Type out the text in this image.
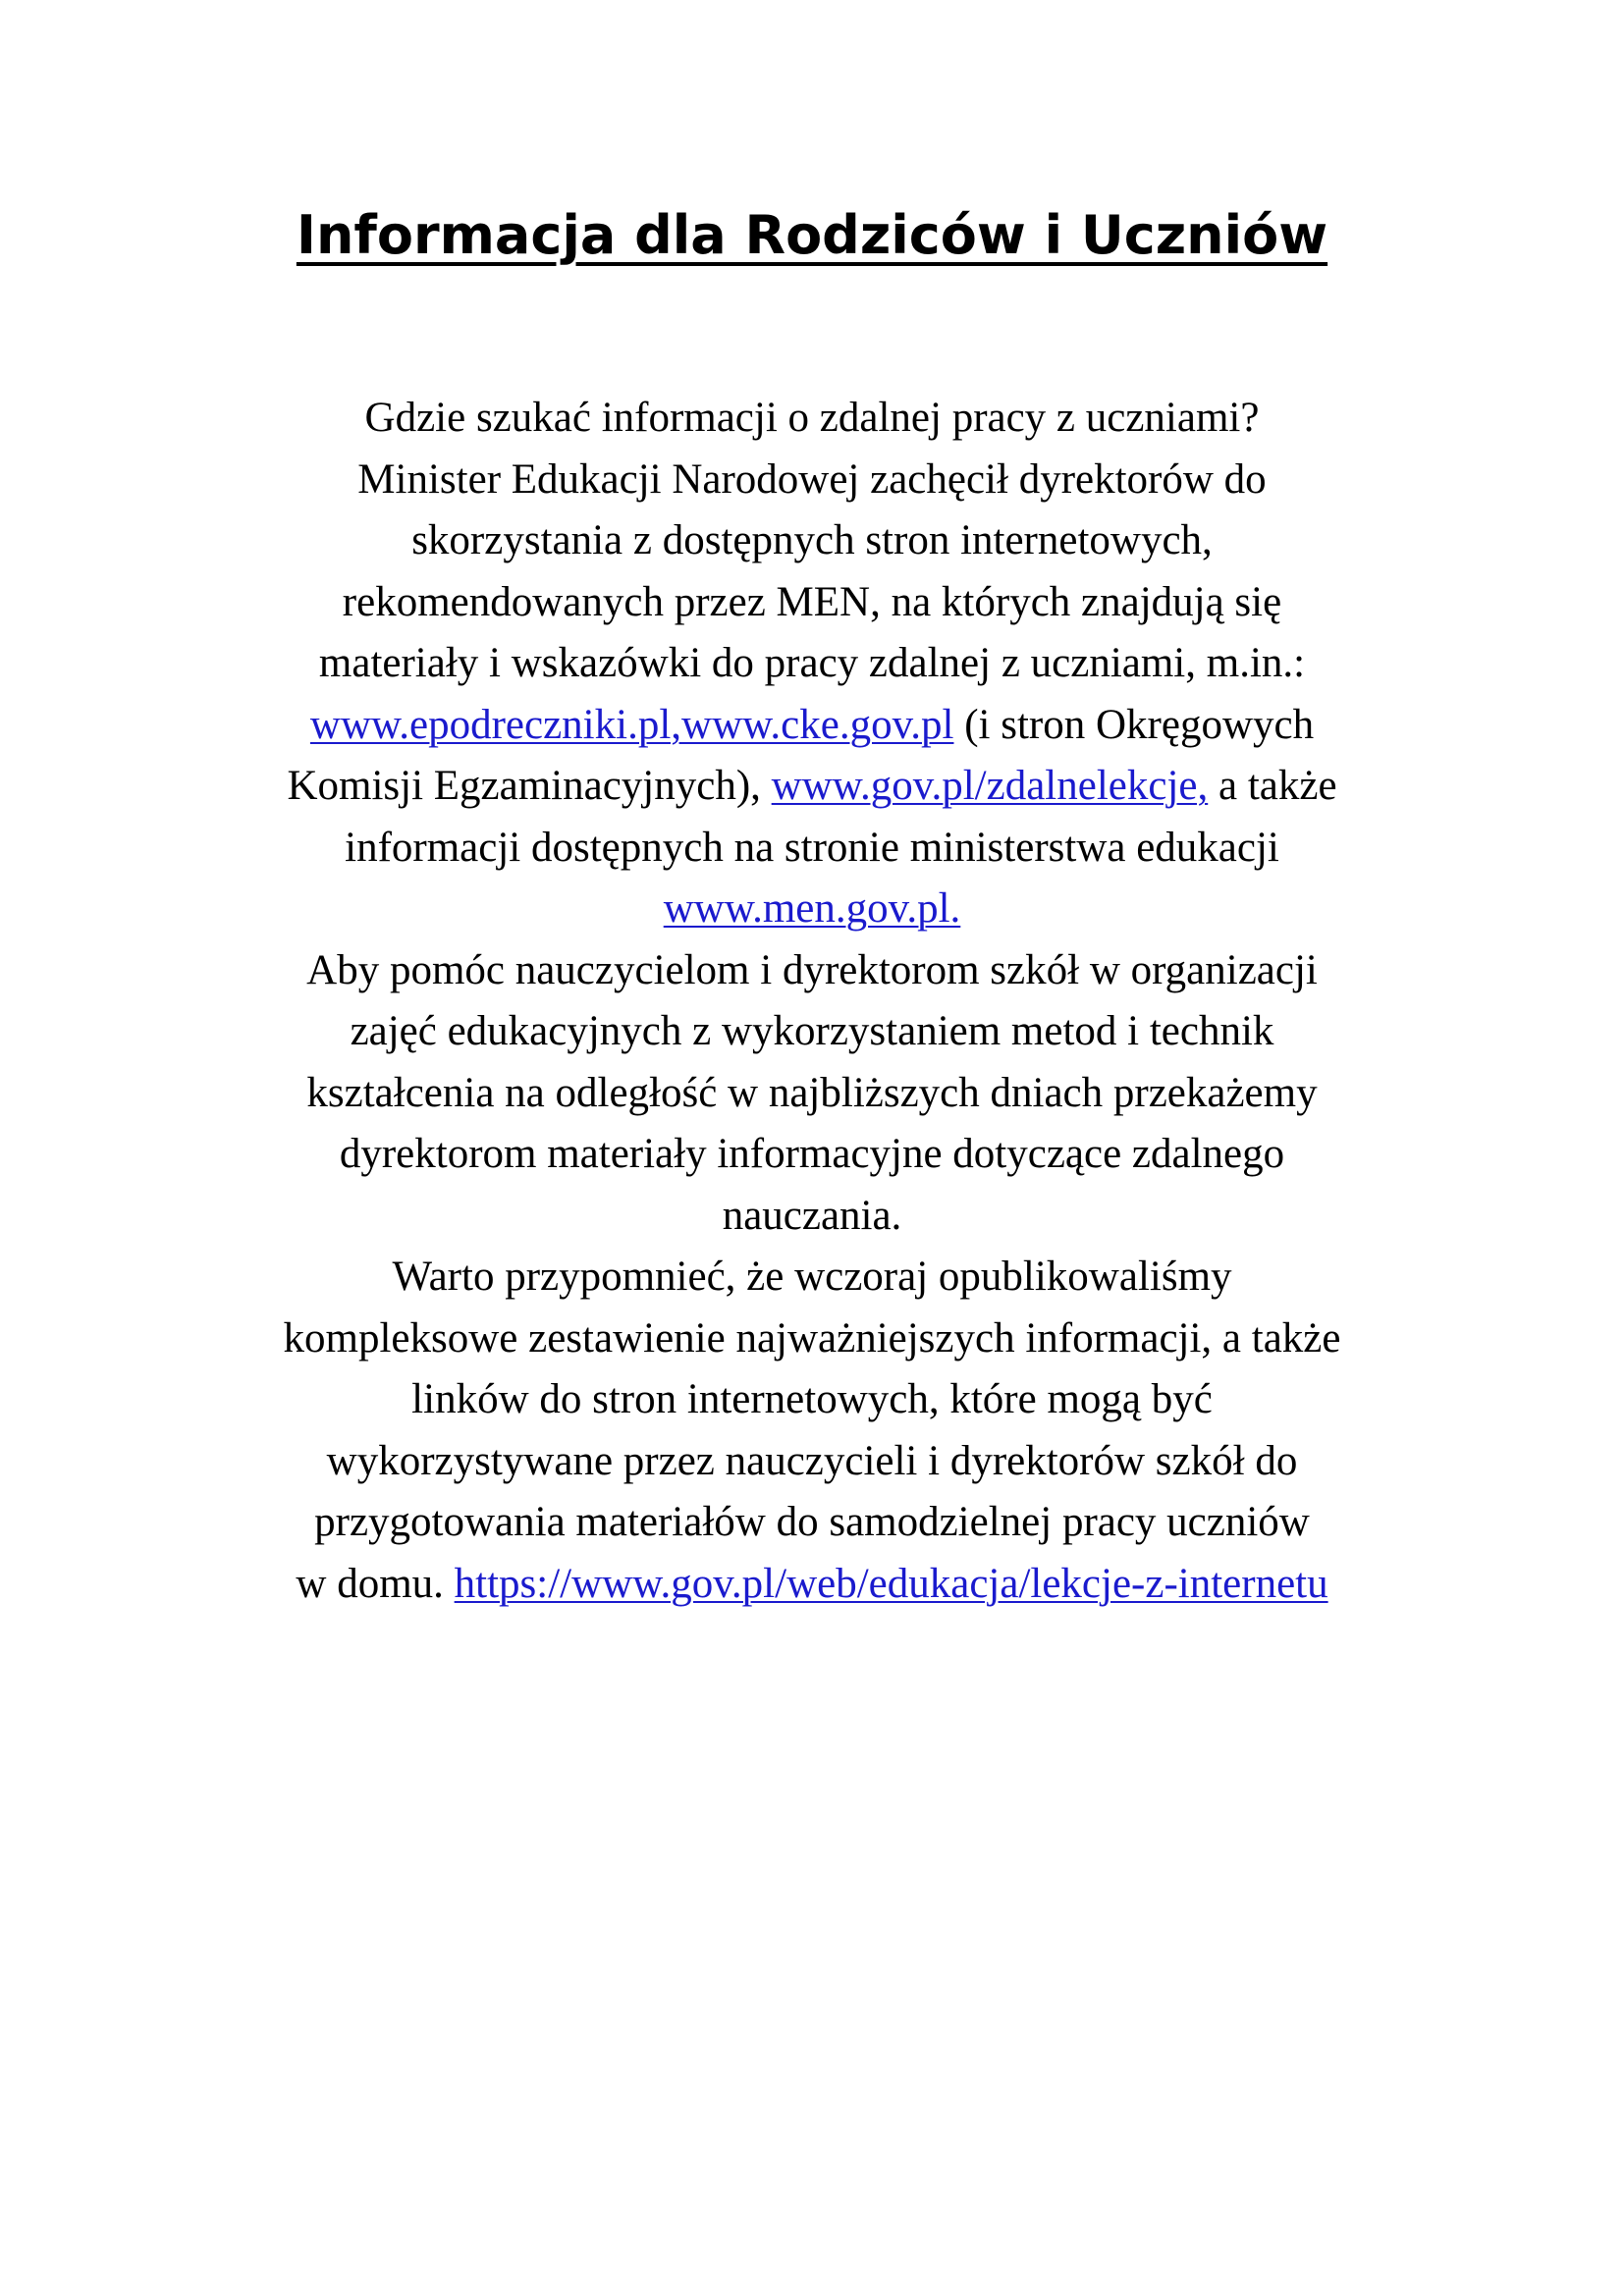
Informacja dla Rodziców i Uczniów
Gdzie szukać informacji o zdalnej pracy z uczniami?
Minister Edukacji Narodowej zachęcił dyrektorów do
skorzystania z dostępnych stron internetowych,
rekomendowanych przez MEN, na których znajdują się
materiały i wskazówki do pracy zdalnej z uczniami, m.in.:
www.epodreczniki.pl,www.cke.gov.pl (i stron Okręgowych
Komisji Egzaminacyjnych), www.gov.pl/zdalnelekcje, a także
informacji dostępnych na stronie ministerstwa edukacji
www.men.gov.pl.
Aby pomóc nauczycielom i dyrektorom szkół w organizacji
zajęć edukacyjnych z wykorzystaniem metod i technik
kształcenia na odległość w najbliższych dniach przekażemy
dyrektorom materiały informacyjne dotyczące zdalnego
nauczania.
Warto przypomnieć, że wczoraj opublikowaliśmy
kompleksowe zestawienie najważniejszych informacji, a także
linków do stron internetowych, które mogą być
wykorzystywane przez nauczycieli i dyrektorów szkół do
przygotowania materiałów do samodzielnej pracy uczniów
w domu. https://www.gov.pl/web/edukacja/lekcje-z-internetu
